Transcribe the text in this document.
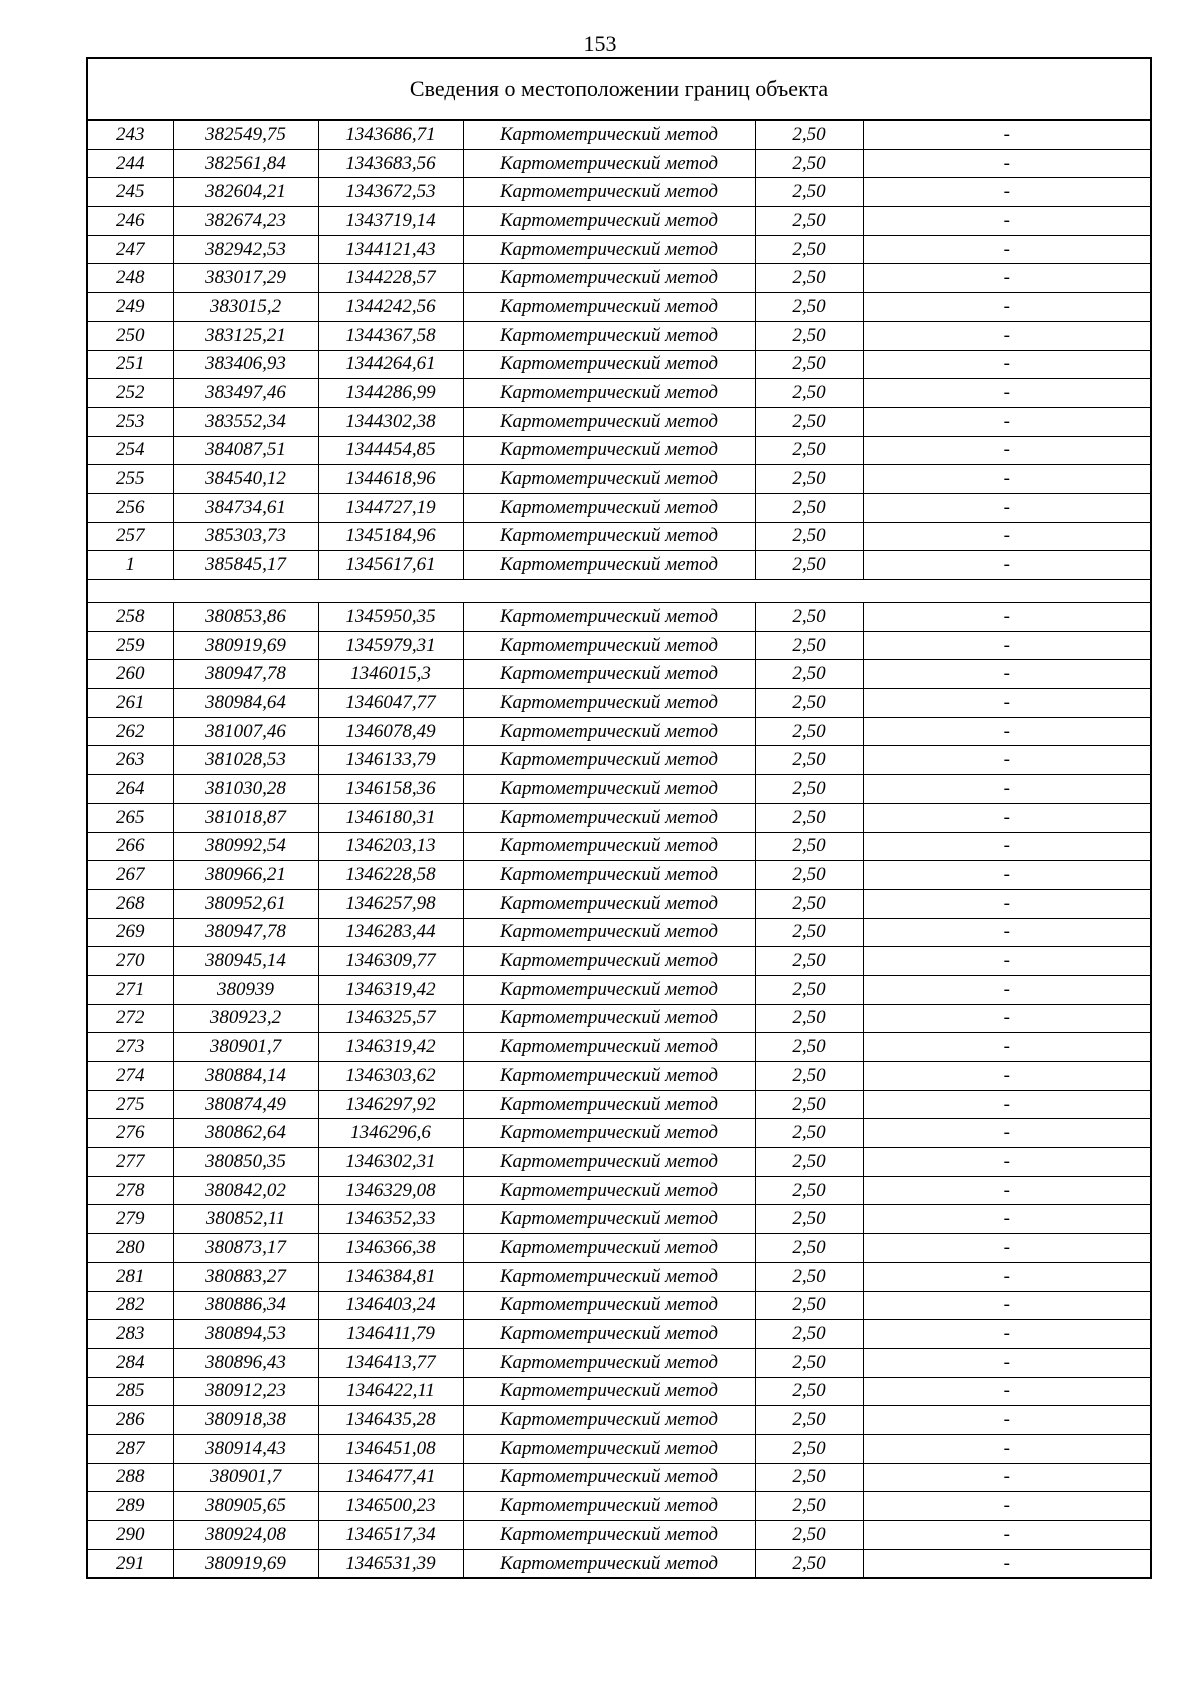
153
Сведения о местоположении границ объекта					
243	382549,75	1343686,71	Картометрический метод	2,50	-
244	382561,84	1343683,56	Картометрический метод	2,50	-
245	382604,21	1343672,53	Картометрический метод	2,50	-
246	382674,23	1343719,14	Картометрический метод	2,50	-
247	382942,53	1344121,43	Картометрический метод	2,50	-
248	383017,29	1344228,57	Картометрический метод	2,50	-
249	383015,2	1344242,56	Картометрический метод	2,50	-
250	383125,21	1344367,58	Картометрический метод	2,50	-
251	383406,93	1344264,61	Картометрический метод	2,50	-
252	383497,46	1344286,99	Картометрический метод	2,50	-
253	383552,34	1344302,38	Картометрический метод	2,50	-
254	384087,51	1344454,85	Картометрический метод	2,50	-
255	384540,12	1344618,96	Картометрический метод	2,50	-
256	384734,61	1344727,19	Картометрический метод	2,50	-
257	385303,73	1345184,96	Картометрический метод	2,50	-
1	385845,17	1345617,61	Картометрический метод	2,50	-

258	380853,86	1345950,35	Картометрический метод	2,50	-
259	380919,69	1345979,31	Картометрический метод	2,50	-
260	380947,78	1346015,3	Картометрический метод	2,50	-
261	380984,64	1346047,77	Картометрический метод	2,50	-
262	381007,46	1346078,49	Картометрический метод	2,50	-
263	381028,53	1346133,79	Картометрический метод	2,50	-
264	381030,28	1346158,36	Картометрический метод	2,50	-
265	381018,87	1346180,31	Картометрический метод	2,50	-
266	380992,54	1346203,13	Картометрический метод	2,50	-
267	380966,21	1346228,58	Картометрический метод	2,50	-
268	380952,61	1346257,98	Картометрический метод	2,50	-
269	380947,78	1346283,44	Картометрический метод	2,50	-
270	380945,14	1346309,77	Картометрический метод	2,50	-
271	380939	1346319,42	Картометрический метод	2,50	-
272	380923,2	1346325,57	Картометрический метод	2,50	-
273	380901,7	1346319,42	Картометрический метод	2,50	-
274	380884,14	1346303,62	Картометрический метод	2,50	-
275	380874,49	1346297,92	Картометрический метод	2,50	-
276	380862,64	1346296,6	Картометрический метод	2,50	-
277	380850,35	1346302,31	Картометрический метод	2,50	-
278	380842,02	1346329,08	Картометрический метод	2,50	-
279	380852,11	1346352,33	Картометрический метод	2,50	-
280	380873,17	1346366,38	Картометрический метод	2,50	-
281	380883,27	1346384,81	Картометрический метод	2,50	-
282	380886,34	1346403,24	Картометрический метод	2,50	-
283	380894,53	1346411,79	Картометрический метод	2,50	-
284	380896,43	1346413,77	Картометрический метод	2,50	-
285	380912,23	1346422,11	Картометрический метод	2,50	-
286	380918,38	1346435,28	Картометрический метод	2,50	-
287	380914,43	1346451,08	Картометрический метод	2,50	-
288	380901,7	1346477,41	Картометрический метод	2,50	-
289	380905,65	1346500,23	Картометрический метод	2,50	-
290	380924,08	1346517,34	Картометрический метод	2,50	-
291	380919,69	1346531,39	Картометрический метод	2,50	-
